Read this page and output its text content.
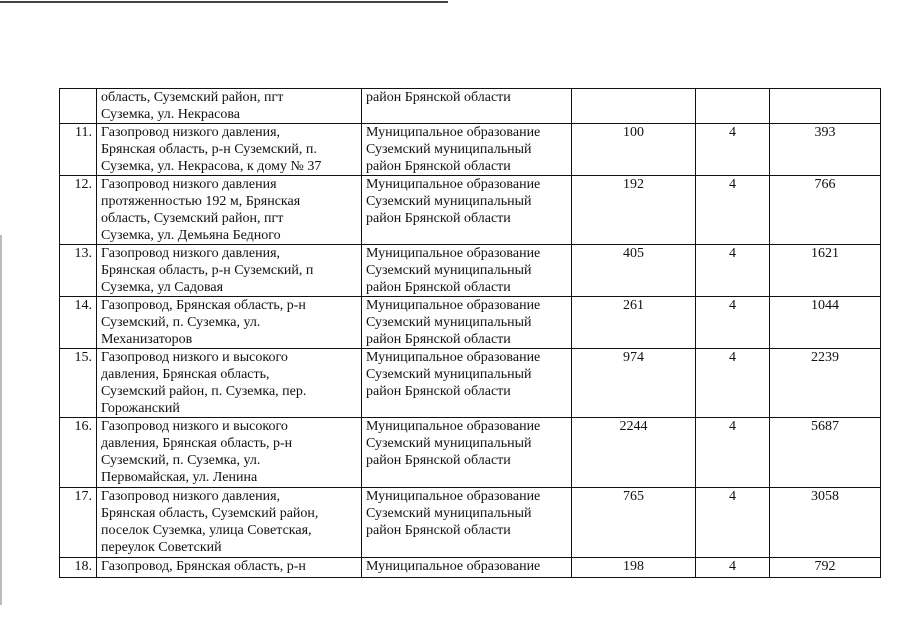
	область, Суземский район, пгт
Суземка, ул. Некрасова	район Брянской области			
11.	Газопровод низкого давления,
Брянская область, р-н Суземский, п.
Суземка, ул. Некрасова, к дому № 37	Муниципальное образование
Суземский муниципальный
район Брянской области	100	4	393
12.	Газопровод низкого давления
протяженностью 192 м, Брянская
область, Суземский район, пгт
Суземка, ул. Демьяна Бедного	Муниципальное образование
Суземский муниципальный
район Брянской области	192	4	766
13.	Газопровод низкого давления,
Брянская область, р-н Суземский, п
Суземка, ул Садовая	Муниципальное образование
Суземский муниципальный
район Брянской области	405	4	1621
14.	Газопровод, Брянская область, р-н
Суземский, п. Суземка, ул.
Механизаторов	Муниципальное образование
Суземский муниципальный
район Брянской области	261	4	1044
15.	Газопровод низкого и высокого
давления, Брянская область,
Суземский район, п. Суземка, пер.
Горожанский	Муниципальное образование
Суземский муниципальный
район Брянской области	974	4	2239
16.	Газопровод низкого и высокого
давления, Брянская область, р-н
Суземский, п. Суземка, ул.
Первомайская, ул. Ленина	Муниципальное образование
Суземский муниципальный
район Брянской области	2244	4	5687
17.	Газопровод низкого давления,
Брянская область, Суземский район,
поселок Суземка, улица Советская,
переулок Советский	Муниципальное образование
Суземский муниципальный
район Брянской области	765	4	3058
18.	Газопровод, Брянская область, р-н	Муниципальное образование	198	4	792
